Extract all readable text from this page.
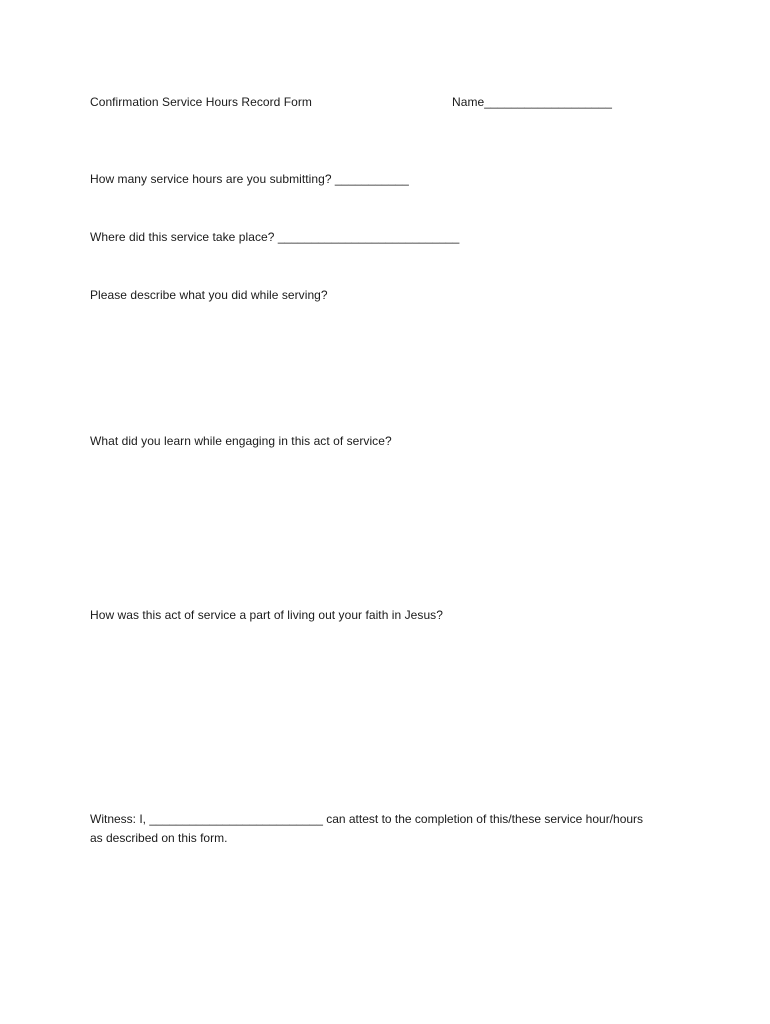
Confirmation Service Hours Record Form	Name___________________
How many service hours are you submitting? ___________
Where did this service take place? ___________________________
Please describe what you did while serving?
What did you learn while engaging in this act of service?
How was this act of service a part of living out your faith in Jesus?
Witness: I, __________________________ can attest to the completion of this/these service hour/hours
as described on this form.
